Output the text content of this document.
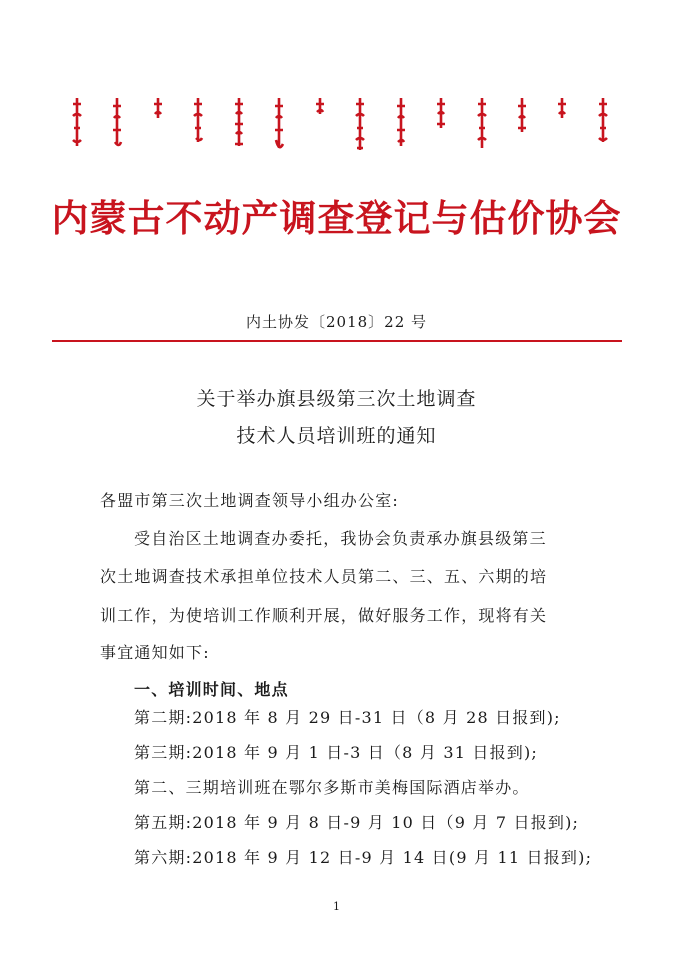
内蒙古不动产调查登记与估价协会
内土协发〔2018〕22 号
关于举办旗县级第三次土地调查
技术人员培训班的通知
各盟市第三次土地调查领导小组办公室:
受自治区土地调查办委托，我协会负责承办旗县级第三
次土地调查技术承担单位技术人员第二、三、五、六期的培
训工作，为使培训工作顺利开展，做好服务工作，现将有关
事宜通知如下:
一、培训时间、地点
第二期:2018 年 8 月 29 日-31 日（8 月 28 日报到);
第三期:2018 年 9 月 1 日-3 日（8 月 31 日报到);
第二、三期培训班在鄂尔多斯市美梅国际酒店举办。
第五期:2018 年 9 月 8 日-9 月 10 日（9 月 7 日报到);
第六期:2018 年 9 月 12 日-9 月 14 日(9 月 11 日报到);
1
